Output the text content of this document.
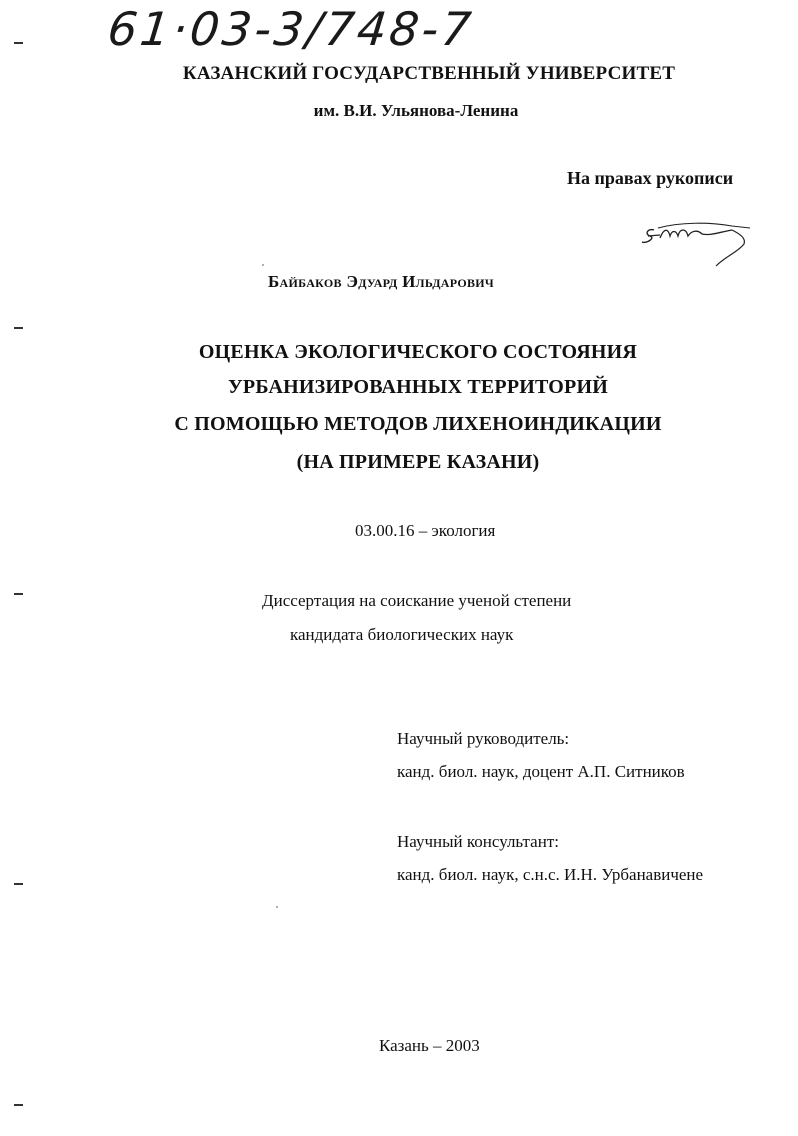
61·03-3/748-7
КАЗАНСКИЙ ГОСУДАРСТВЕННЫЙ УНИВЕРСИТЕТ
им. В.И. Ульянова-Ленина
На правах рукописи
Байбаков Эдуард Ильдарович
ОЦЕНКА ЭКОЛОГИЧЕСКОГО СОСТОЯНИЯ
УРБАНИЗИРОВАННЫХ ТЕРРИТОРИЙ
С ПОМОЩЬЮ МЕТОДОВ ЛИХЕНОИНДИКАЦИИ
(НА ПРИМЕРЕ КАЗАНИ)
03.00.16 – экология
Диссертация на соискание ученой степени
кандидата биологических наук
Научный руководитель:
канд. биол. наук, доцент А.П. Ситников
Научный консультант:
канд. биол. наук, с.н.с. И.Н. Урбанавичене
Казань – 2003
